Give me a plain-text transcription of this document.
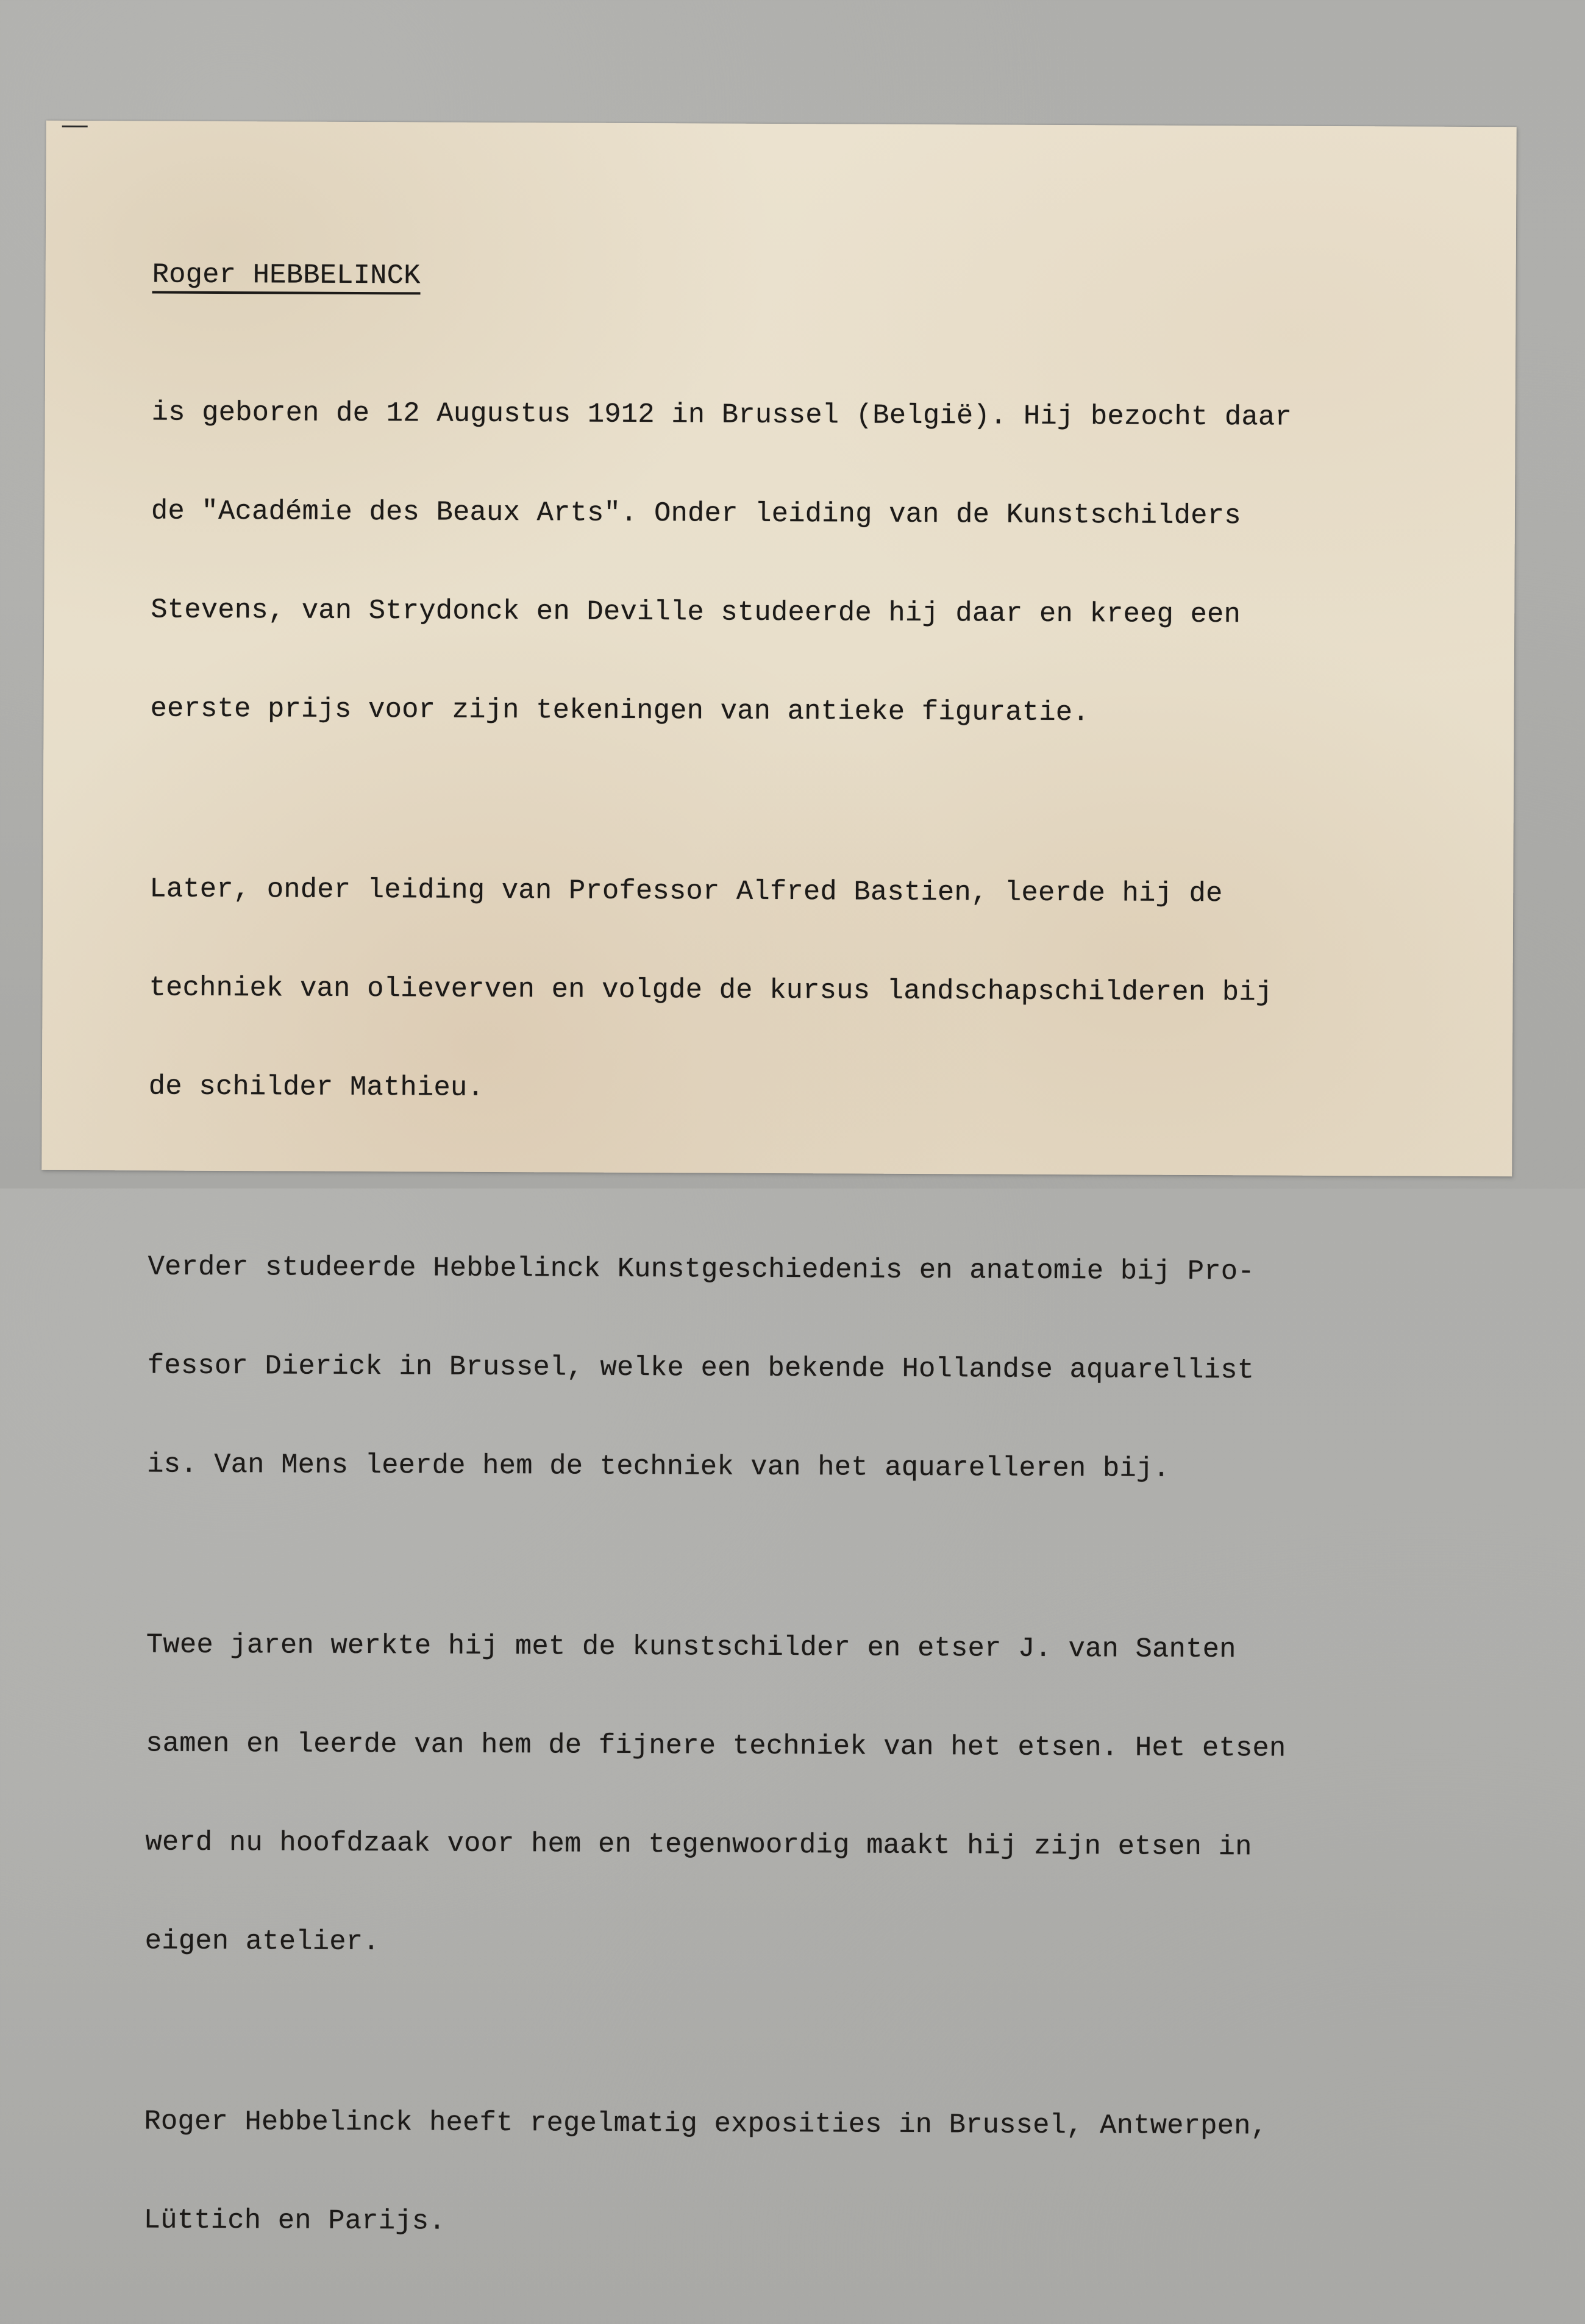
Roger HEBBELINCK

is geboren de 12 Augustus 1912 in Brussel (België). Hij bezocht daar

de "Académie des Beaux Arts". Onder leiding van de Kunstschilders

Stevens, van Strydonck en Deville studeerde hij daar en kreeg een

eerste prijs voor zijn tekeningen van antieke figuratie.

Later, onder leiding van Professor Alfred Bastien, leerde hij de

techniek van olieverven en volgde de kursus landschapschilderen bij

de schilder Mathieu.

Verder studeerde Hebbelinck Kunstgeschiedenis en anatomie bij Pro-

fessor Dierick in Brussel, welke een bekende Hollandse aquarellist

is. Van Mens leerde hem de techniek van het aquarelleren bij.

Twee jaren werkte hij met de kunstschilder en etser J. van Santen

samen en leerde van hem de fijnere techniek van het etsen. Het etsen

werd nu hoofdzaak voor hem en tegenwoordig maakt hij zijn etsen in

eigen atelier.

Roger Hebbelinck heeft regelmatig exposities in Brussel, Antwerpen,

Lüttich en Parijs.
